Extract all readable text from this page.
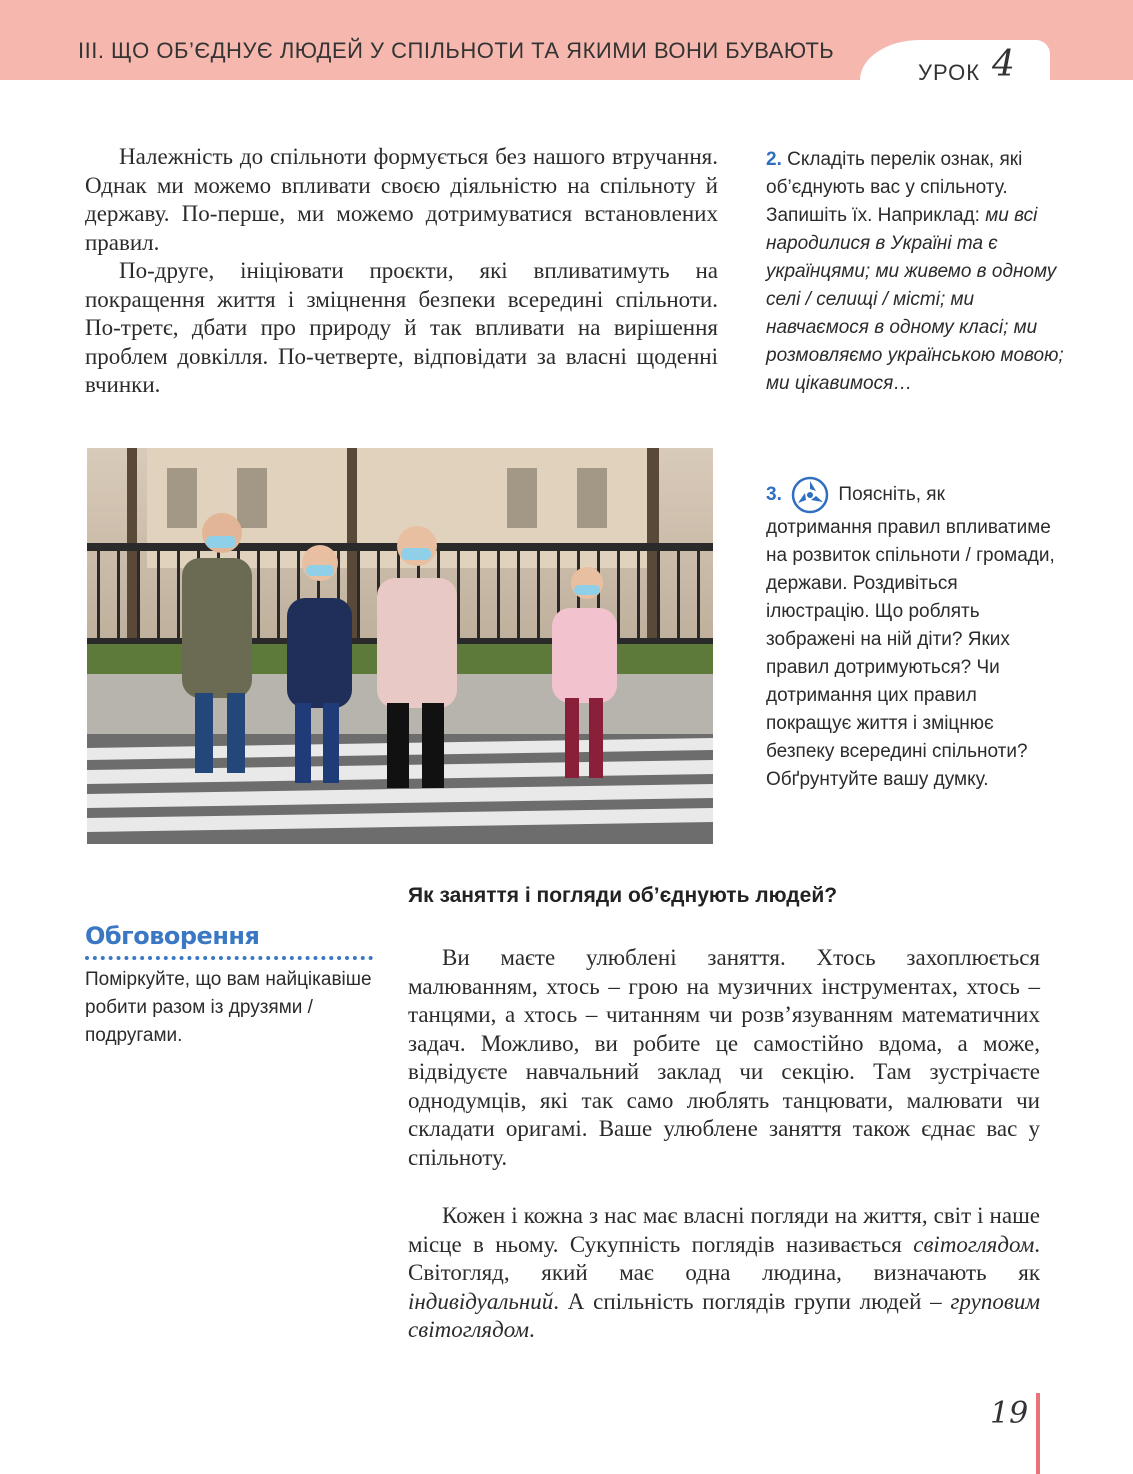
ІІІ. ЩО ОБ’ЄДНУЄ ЛЮДЕЙ У СПІЛЬНОТИ ТА ЯКИМИ ВОНИ БУВАЮТЬ
УРОК 4

Належність до спільноти формується без нашого втручання. Однак ми можемо впливати своєю діяльністю на спільноту й державу. По-перше, ми можемо дотримуватися встановлених правил.

По-друге, ініціювати проєкти, які впливатимуть на покращення життя і зміцнення безпеки всередині спільноти. По-третє, дбати про природу й так впливати на вирішення проблем довкілля. По-четверте, відповідати за власні щоденні вчинки.

2. Складіть перелік ознак, які об’єднують вас у спільноту. Запишіть їх. Наприклад: ми всі народилися в Україні та є українцями; ми живемо в одному селі / селищі / місті; ми навчаємося в одному класі; ми розмовляємо українською мовою; ми цікавимося…
3.	Поясніть, як дотримання правил впливатиме на розвиток спільноти / громади, держави. Роздивіться ілюстрацію. Що роблять зображені на ній діти? Яких правил дотримуються? Чи дотримання цих правил покращує життя і зміцнює безпеку всередині спільноти? Обґрунтуйте вашу думку.
Як заняття і погляди об’єднують людей?
Обговорення
Поміркуйте, що вам найцікавіше робити разом із друзями / подругами.

Ви маєте улюблені заняття. Хтось захоплюється малюванням, хтось – грою на музичних інструментах, хтось – танцями, а хтось – читанням чи розв’язуванням математичних задач. Можливо, ви робите це самостійно вдома, а може, відвідуєте навчальний заклад чи секцію. Там зустрічаєте однодумців, які так само люблять танцювати, малювати чи складати оригамі. Ваше улюблене заняття також єднає вас у спільноту.

Кожен і кожна з нас має власні погляди на життя, світ і наше місце в ньому. Сукупність поглядів називається світоглядом. Світогляд, який має одна людина, визначають як індивідуальний. А спільність поглядів групи людей – груповим світоглядом.

19
